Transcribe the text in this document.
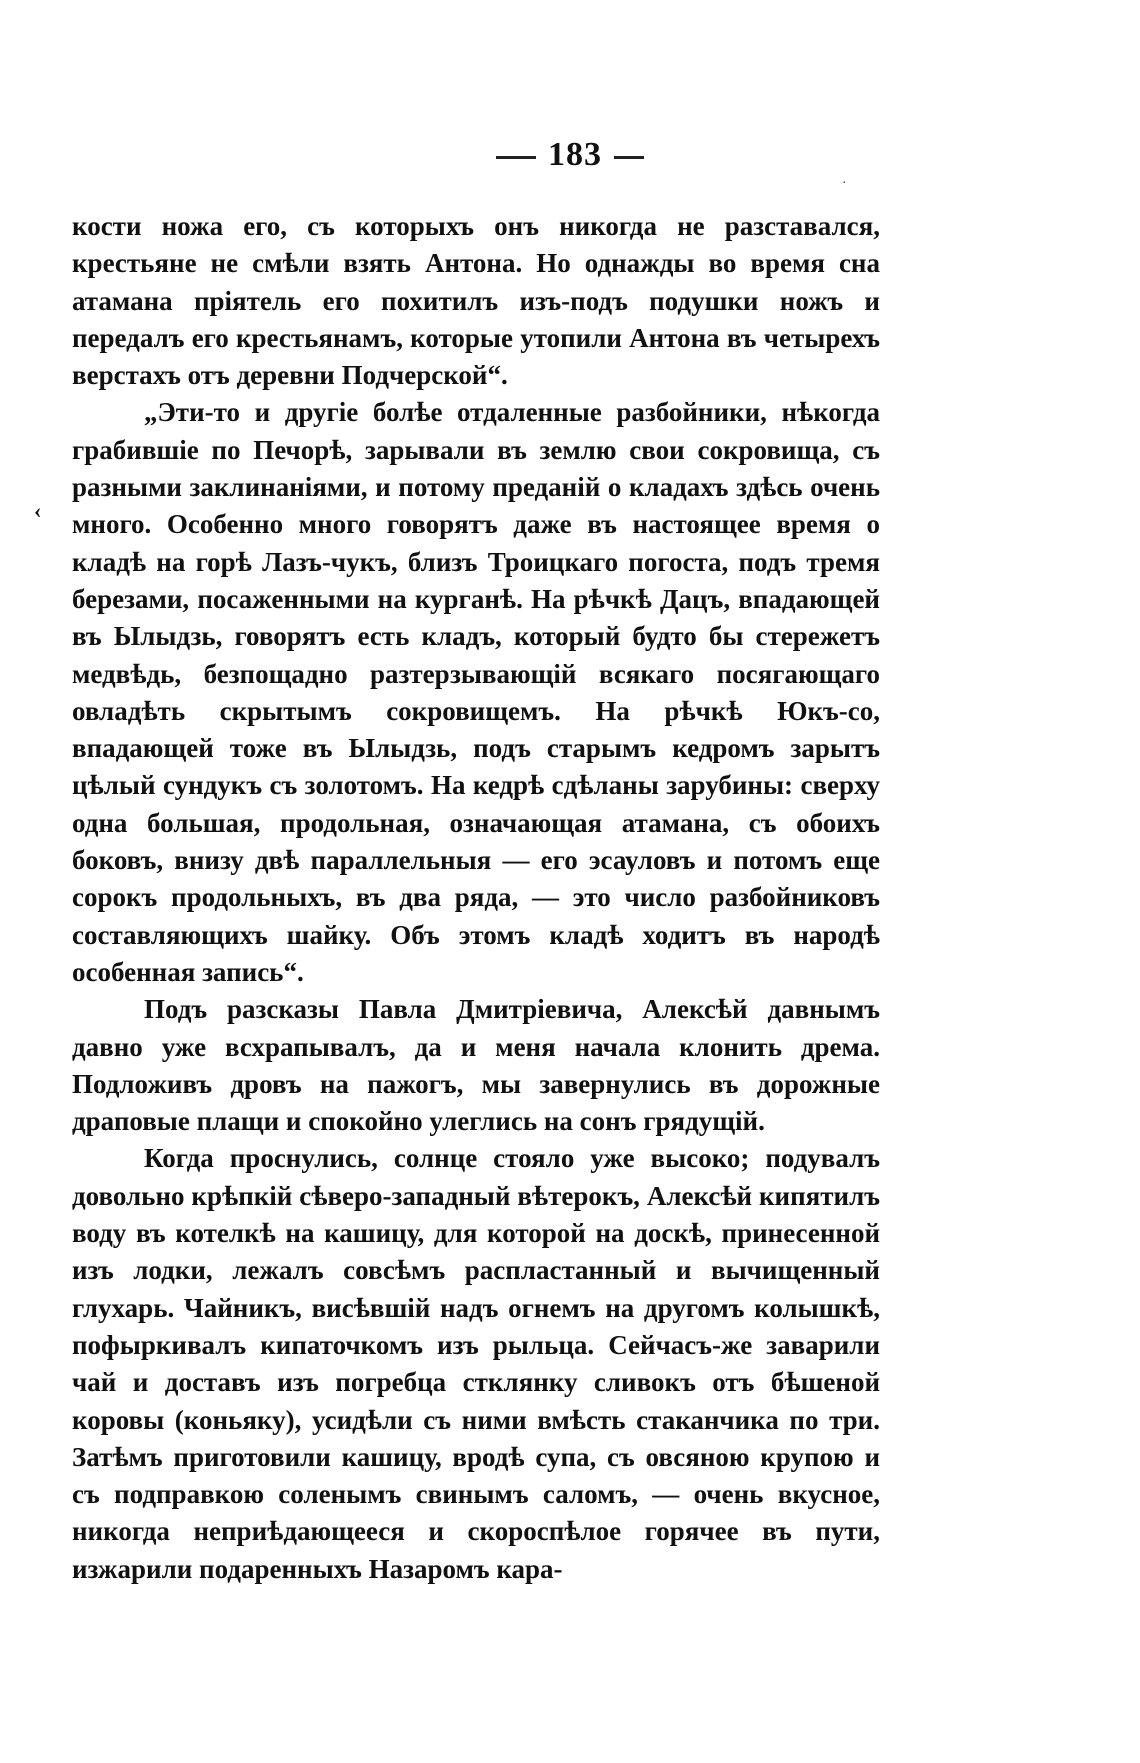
183
‹
·

кости ножа его, съ которыхъ онъ никогда не разставался, крестьяне не смѣли взять Антона. Но однажды во время сна атамана пріятель его похитилъ изъ-подъ подушки ножъ и передалъ его крестьянамъ, которые утопили Антона въ четырехъ верстахъ отъ деревни Подчерской“.

„Эти-то и другіе болѣе отдаленные разбойники, нѣкогда грабившіе по Печорѣ, зарывали въ землю свои сокровища, съ разными заклинаніями, и потому преданій о кладахъ здѣсь очень много. Особенно много говорятъ даже въ настоящее время о кладѣ на горѣ Лазъ-чукъ, близъ Троицкаго погоста, подъ тремя березами, посаженными на курганѣ. На рѣчкѣ Дацъ, впадающей въ Ылыдзь, говорятъ есть кладъ, который будто бы стережетъ медвѣдь, безпощадно разтерзывающій всякаго посягающаго овладѣть скрытымъ сокровищемъ. На рѣчкѣ Юкъ-со, впадающей тоже въ Ылыдзь, подъ старымъ кедромъ зарытъ цѣлый сундукъ съ золотомъ. На кедрѣ сдѣланы зарубины: сверху одна большая, продольная, означающая атамана, съ обоихъ боковъ, внизу двѣ параллельныя — его эсауловъ и потомъ еще сорокъ продольныхъ, въ два ряда, — это число разбойниковъ составляющихъ шайку. Объ этомъ кладѣ ходитъ въ народѣ особенная запись“.

Подъ разсказы Павла Дмитріевича, Алексѣй давнымъ давно уже всхрапывалъ, да и меня начала клонить дрема. Подложивъ дровъ на пажогъ, мы завернулись въ дорожные драповые плащи и спокойно улеглись на сонъ грядущій.

Когда проснулись, солнце стояло уже высоко; подувалъ довольно крѣпкій сѣверо-западный вѣтерокъ, Алексѣй кипятилъ воду въ котелкѣ на кашицу, для которой на доскѣ, принесенной изъ лодки, лежалъ совсѣмъ распластанный и вычищенный глухарь. Чайникъ, висѣвшій надъ огнемъ на другомъ колышкѣ, пофыркивалъ кипаточкомъ изъ рыльца. Сейчасъ-же заварили чай и доставъ изъ погребца стклянку сливокъ отъ бѣшеной коровы (коньяку), усидѣли съ ними вмѣсть стаканчика по три. Затѣмъ приготовили кашицу, вродѣ супа, съ овсяною крупою и съ подправкою соленымъ свинымъ саломъ, — очень вкусное, никогда неприѣдающееся и скороспѣлое горячее въ пути, изжарили подаренныхъ Назаромъ кара-
